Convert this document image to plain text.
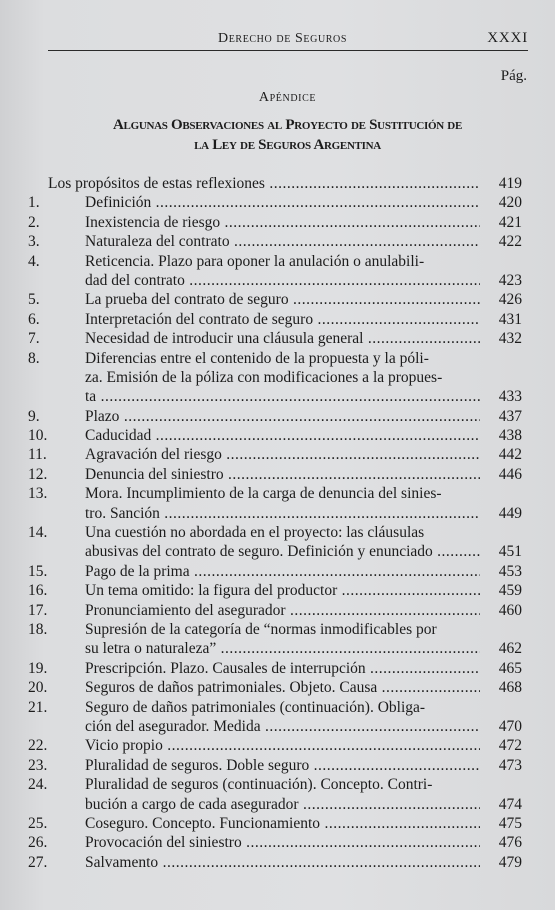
Derecho de Seguros	XXXI
Pág.
Apéndice
Algunas Observaciones al Proyecto de Sustitución de
la Ley de Seguros Argentina
Los propósitos de estas reflexiones .....	419
1.	Definición .....	420
2.	Inexistencia de riesgo .....	421
3.	Naturaleza del contrato .....	422
4.	Reticencia. Plazo para oponer la anulación o anulabili-
dad del contrato .....	423
5.	La prueba del contrato de seguro .....	426
6.	Interpretación del contrato de seguro .....	431
7.	Necesidad de introducir una cláusula general .....	432
8.	Diferencias entre el contenido de la propuesta y la póli-
za. Emisión de la póliza con modificaciones a la propues-
ta .....	433
9.	Plazo .....	437
10.	Caducidad .....	438
11.	Agravación del riesgo .....	442
12.	Denuncia del siniestro .....	446
13.	Mora. Incumplimiento de la carga de denuncia del sinies-
tro. Sanción .....	449
14.	Una cuestión no abordada en el proyecto: las cláusulas
abusivas del contrato de seguro. Definición y enunciado .....	451
15.	Pago de la prima .....	453
16.	Un tema omitido: la figura del productor .....	459
17.	Pronunciamiento del asegurador .....	460
18.	Supresión de la categoría de “normas inmodificables por
su letra o naturaleza” .....	462
19.	Prescripción. Plazo. Causales de interrupción .....	465
20.	Seguros de daños patrimoniales. Objeto. Causa .....	468
21.	Seguro de daños patrimoniales (continuación). Obliga-
ción del asegurador. Medida .....	470
22.	Vicio propio .....	472
23.	Pluralidad de seguros. Doble seguro .....	473
24.	Pluralidad de seguros (continuación). Concepto. Contri-
bución a cargo de cada asegurador .....	474
25.	Coseguro. Concepto. Funcionamiento .....	475
26.	Provocación del siniestro .....	476
27.	Salvamento .....	479
